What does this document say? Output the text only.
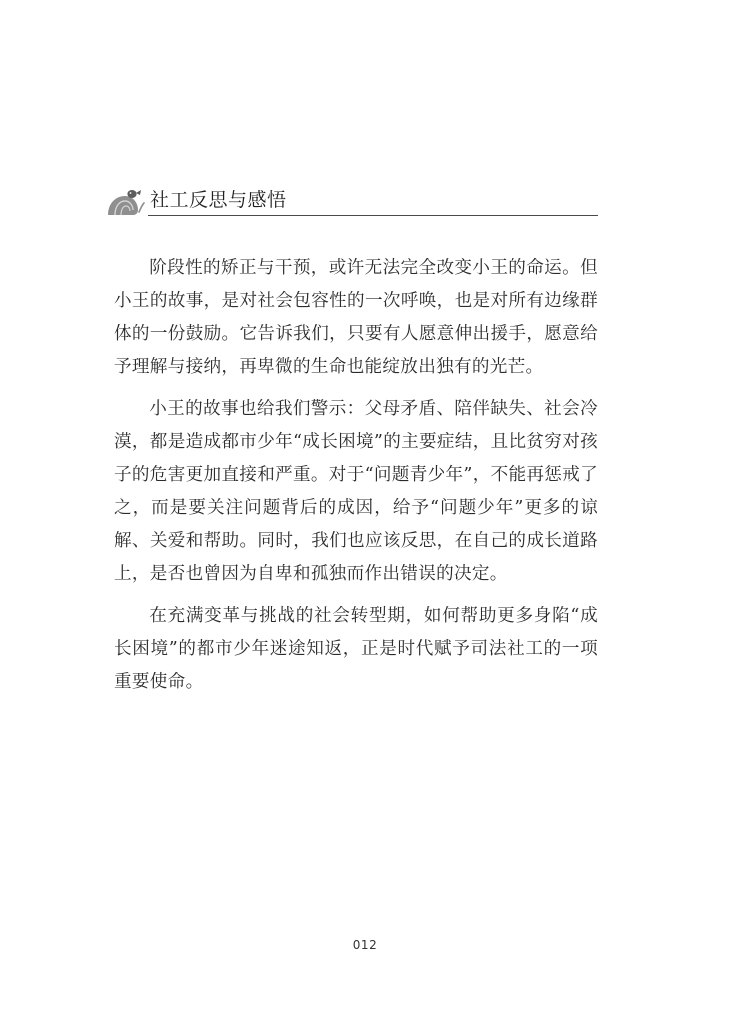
社工反思与感悟

阶段性的矫正与干预，或许无法完全改变小王的命运。但小王的故事，是对社会包容性的一次呼唤，也是对所有边缘群体的一份鼓励。它告诉我们，只要有人愿意伸出援手，愿意给予理解与接纳，再卑微的生命也能绽放出独有的光芒。

小王的故事也给我们警示：父母矛盾、陪伴缺失、社会冷漠，都是造成都市少年“成长困境”的主要症结，且比贫穷对孩子的危害更加直接和严重。对于“问题青少年”，不能再惩戒了之，而是要关注问题背后的成因，给予“问题少年”更多的谅解、关爱和帮助。同时，我们也应该反思，在自己的成长道路上，是否也曾因为自卑和孤独而作出错误的决定。

在充满变革与挑战的社会转型期，如何帮助更多身陷“成长困境”的都市少年迷途知返，正是时代赋予司法社工的一项重要使命。

012
